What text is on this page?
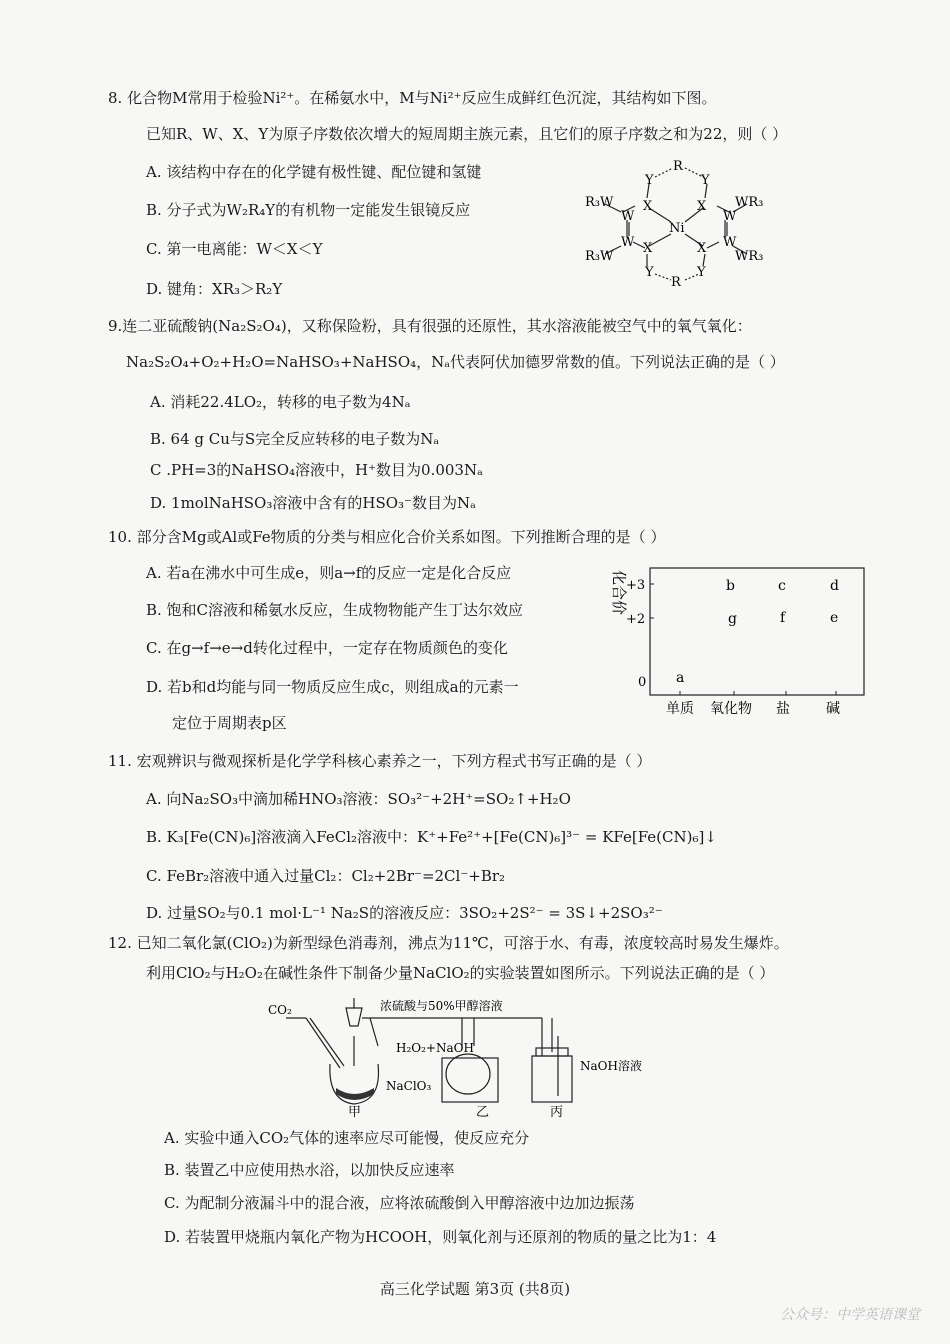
8. 化合物M常用于检验Ni²⁺。在稀氨水中，M与Ni²⁺反应生成鲜红色沉淀，其结构如下图。
已知R、W、X、Y为原子序数依次增大的短周期主族元素，且它们的原子序数之和为22，则（ ）
A. 该结构中存在的化学键有极性键、配位键和氢键
B. 分子式为W₂R₄Y的有机物一定能发生银镜反应
C. 第一电离能：W＜X＜Y
D. 键角：XR₃＞R₂Y
R
Y	Y
R₃W	WR₃
W
X	X
W
Ni
W	W
X	X
R₃W	WR₃
Y	Y
R
9.连二亚硫酸钠(Na₂S₂O₄)，又称保险粉，具有很强的还原性，其水溶液能被空气中的氧气氧化：
Na₂S₂O₄+O₂+H₂O=NaHSO₃+NaHSO₄，Nₐ代表阿伏加德罗常数的值。下列说法正确的是（ ）
A. 消耗22.4LO₂，转移的电子数为4Nₐ
B. 64 g Cu与S完全反应转移的电子数为Nₐ
C .PH=3的NaHSO₄溶液中，H⁺数目为0.003Nₐ
D. 1molNaHSO₃溶液中含有的HSO₃⁻数目为Nₐ
10. 部分含Mg或Al或Fe物质的分类与相应化合价关系如图。下列推断合理的是（ ）
A. 若a在沸水中可生成e，则a→f的反应一定是化合反应
B. 饱和C溶液和稀氨水反应，生成物物能产生丁达尔效应
C. 在g→f→e→d转化过程中，一定存在物质颜色的变化
D. 若b和d均能与同一物质反应生成c，则组成a的元素一
定位于周期表p区
化合价
+3
+2
0
b	c	d
g	f	e
a
单质 氧化物 盐	碱
11. 宏观辨识与微观探析是化学学科核心素养之一，下列方程式书写正确的是（ ）
A. 向Na₂SO₃中滴加稀HNO₃溶液：SO₃²⁻+2H⁺=SO₂↑+H₂O
B. K₃[Fe(CN)₆]溶液滴入FeCl₂溶液中：K⁺+Fe²⁺+[Fe(CN)₆]³⁻ = KFe[Fe(CN)₆]↓
C. FeBr₂溶液中通入过量Cl₂：Cl₂+2Br⁻=2Cl⁻+Br₂
D. 过量SO₂与0.1 mol·L⁻¹ Na₂S的溶液反应：3SO₂+2S²⁻ = 3S↓+2SO₃²⁻
12. 已知二氧化氯(ClO₂)为新型绿色消毒剂，沸点为11℃，可溶于水、有毒，浓度较高时易发生爆炸。
利用ClO₂与H₂O₂在碱性条件下制备少量NaClO₂的实验装置如图所示。下列说法正确的是（ ）
CO₂	浓硫酸与50%甲醇溶液
H₂O₂+NaOH
NaClO₃
NaOH溶液
甲	乙	丙
A. 实验中通入CO₂气体的速率应尽可能慢，使反应充分
B. 装置乙中应使用热水浴，以加快反应速率
C. 为配制分液漏斗中的混合液，应将浓硫酸倒入甲醇溶液中边加边振荡
D. 若装置甲烧瓶内氧化产物为HCOOH，则氧化剂与还原剂的物质的量之比为1：4
高三化学试题 第3页 (共8页)
公众号：中学英语课堂
